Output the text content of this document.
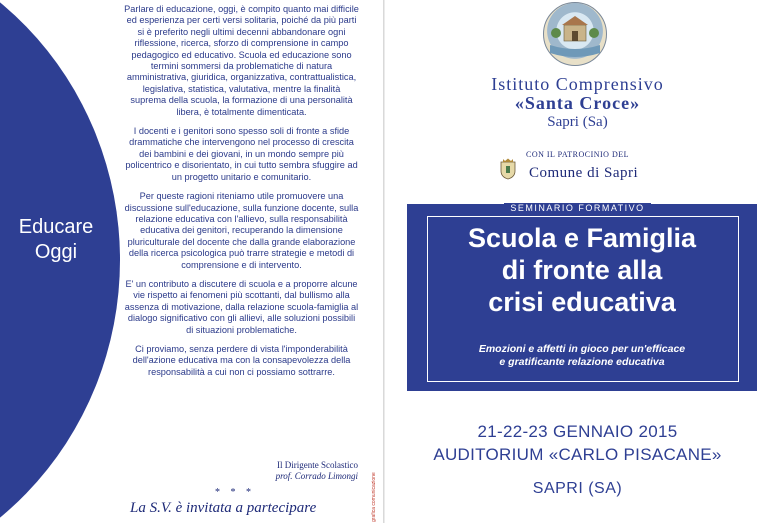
Educare
Oggi

Parlare di educazione, oggi, è compito quanto mai difficile ed esperienza per certi versi solitaria, poiché da più parti si è preferito negli ultimi decenni abbandonare ogni riflessione, ricerca, sforzo di comprensione in campo pedagogico ed educativo. Scuola ed educazione sono termini sommersi da problematiche di natura amministrativa, giuridica, organizzativa, contrattualistica, legislativa, statistica, valutativa, mentre la finalità suprema della scuola, la formazione di una personalità libera, è totalmente dimenticata.

I docenti e i genitori sono spesso soli di fronte a sfide drammatiche che intervengono nel processo di crescita dei bambini e dei giovani, in un mondo sempre più policentrico e disorientato, in cui tutto sembra sfuggire ad un progetto unitario e comunitario.

Per queste ragioni riteniamo utile promuovere una discussione sull'educazione, sulla funzione docente, sulla relazione educativa con l'allievo, sulla responsabilità educativa dei genitori, recuperando la dimensione pluriculturale del docente che dalla grande elaborazione della ricerca psicologica può trarre strategie e metodi di comprensione e di intervento.

E' un contributo a discutere di scuola e a proporre alcune vie rispetto ai fenomeni più scottanti, dal bullismo alla assenza di motivazione, dalla relazione scuola-famiglia al dialogo significativo con gli allievi, alle soluzioni possibili di situazioni problematiche.

Ci proviamo, senza perdere di vista l'imponderabilità dell'azione educativa ma con la consapevolezza della responsabilità a cui non ci possiamo sottrarre.

Il Dirigente Scolastico
prof. Corrado Limongi
* * *
La S.V. è invitata a partecipare	grafica comunicazione
Istituto Comprensivo
«Santa Croce»
Sapri (Sa)
CON IL PATROCINIO DEL
Comune di Sapri
SEMINARIO FORMATIVO
Scuola e Famiglia
di fronte alla
crisi educativa
Emozioni e affetti in gioco per un'efficace
e gratificante relazione educativa
21-22-23 GENNAIO 2015
AUDITORIUM «CARLO PISACANE»
SAPRI (SA)
